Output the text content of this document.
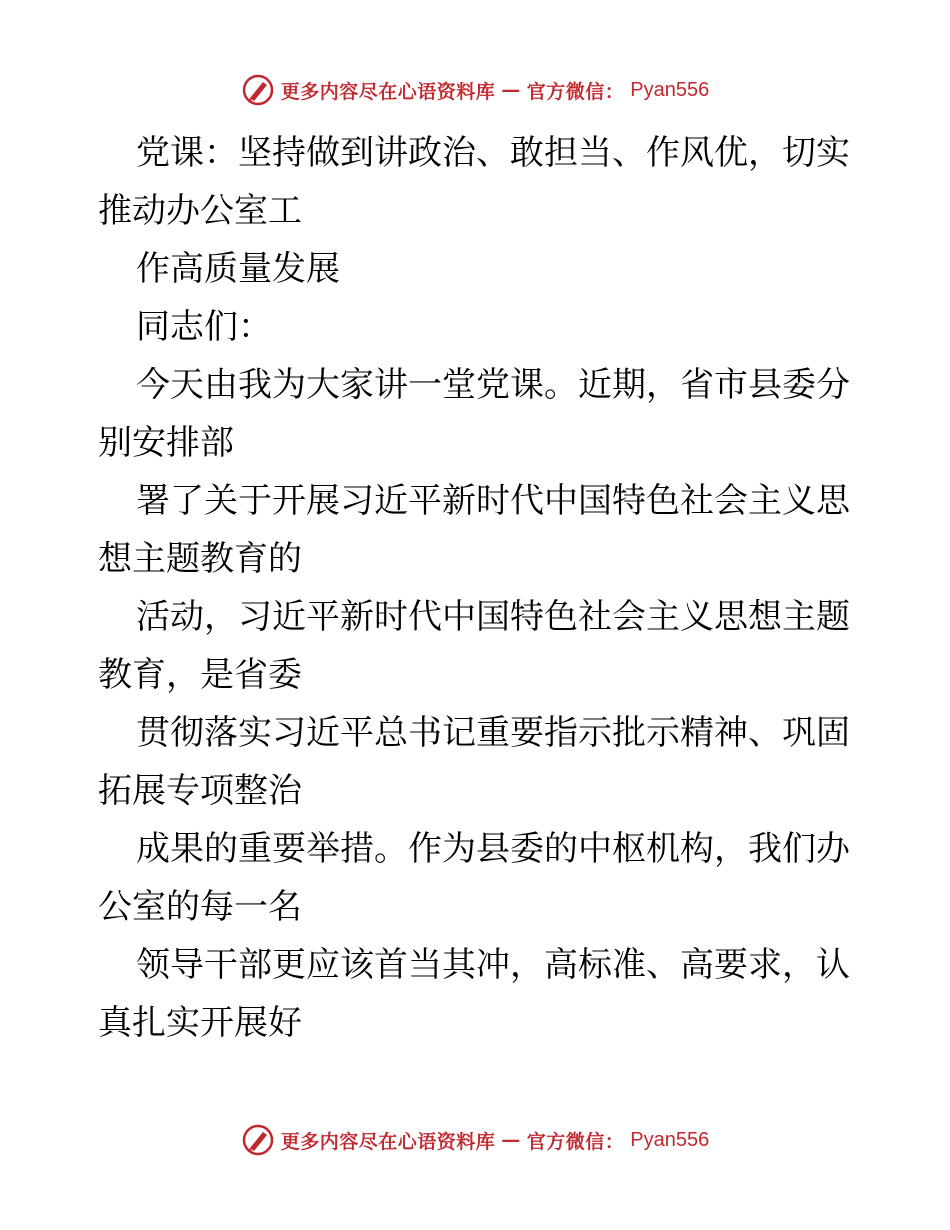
更多内容尽在心语资料库 — 官方微信： Pyan556

党课：坚持做到讲政治、敢担当、作风优，切实推动办公室工

作高质量发展

同志们：

今天由我为大家讲一堂党课。近期，省市县委分别安排部

署了关于开展习近平新时代中国特色社会主义思想主题教育的

活动，习近平新时代中国特色社会主义思想主题教育，是省委

贯彻落实习近平总书记重要指示批示精神、巩固拓展专项整治

成果的重要举措。作为县委的中枢机构，我们办公室的每一名

领导干部更应该首当其冲，高标准、高要求，认真扎实开展好

更多内容尽在心语资料库 — 官方微信： Pyan556
